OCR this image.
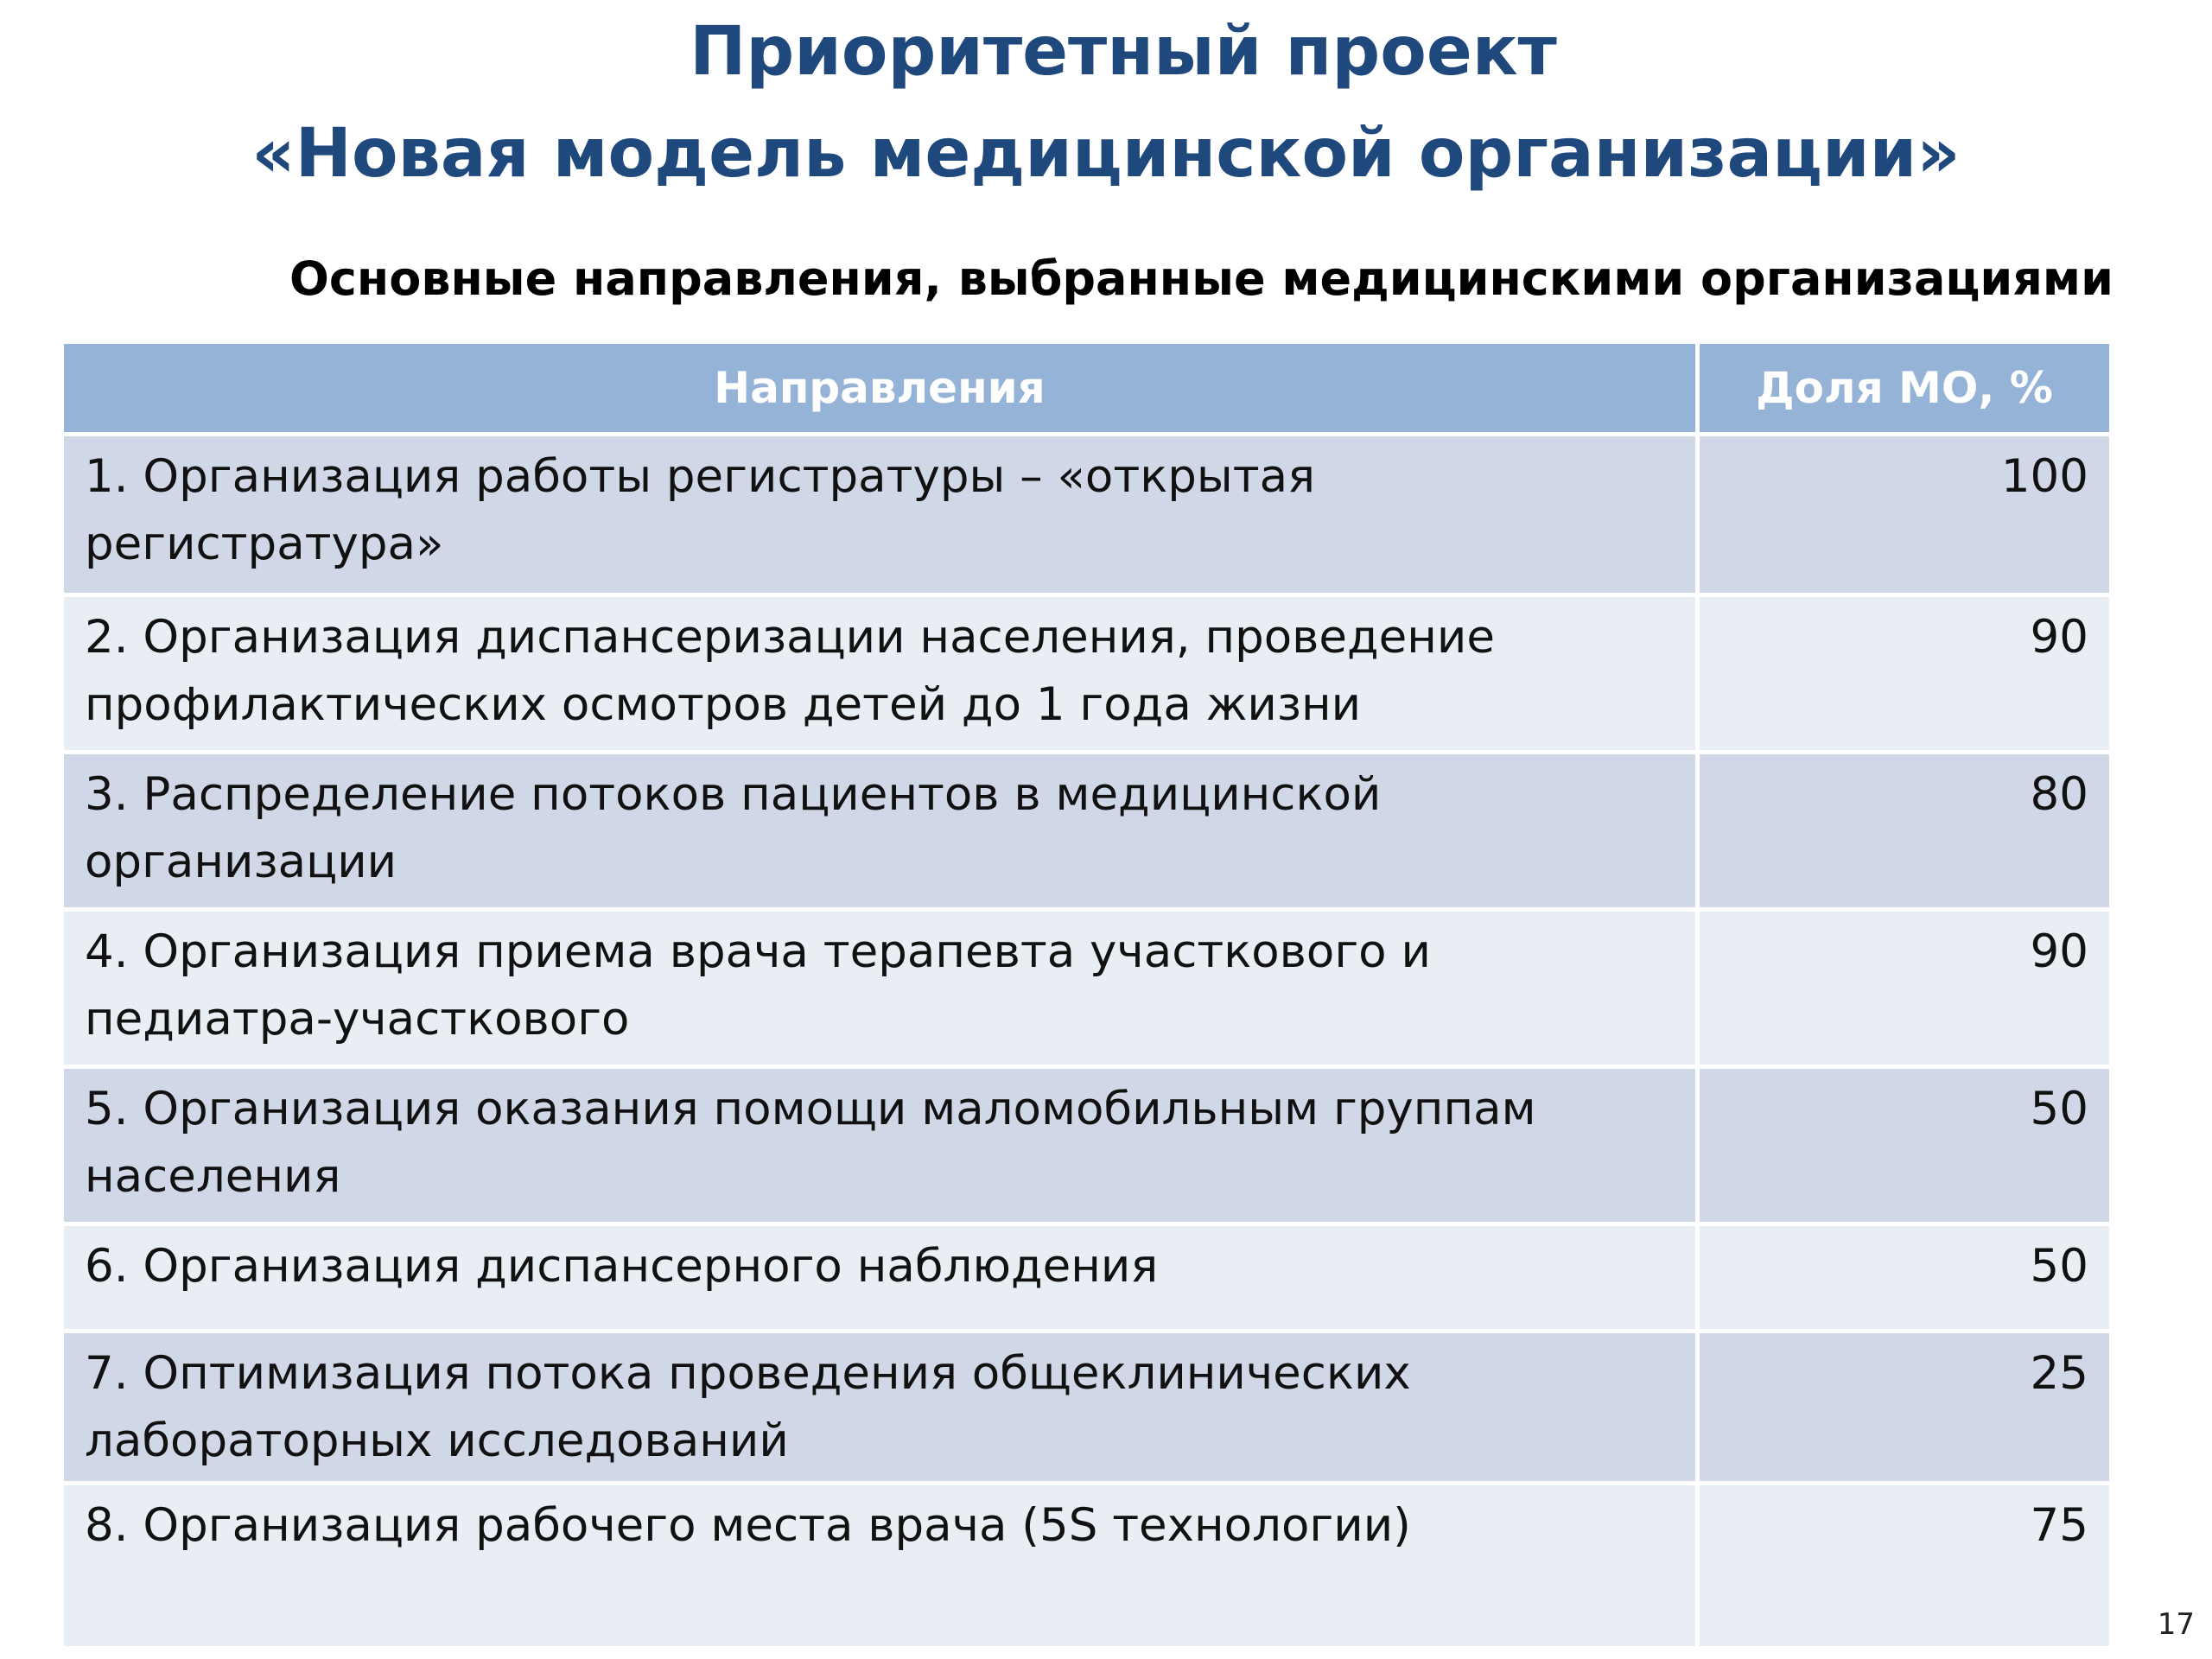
Приоритетный проект
«Новая модель медицинской организации»
Основные направления, выбранные медицинскими организациями
Направления	Доля МО, %
1. Организация работы регистратуры – «открытая регистратура»	100
2. Организация диспансеризации населения, проведение профилактических осмотров детей до 1 года жизни	90
3. Распределение потоков пациентов в медицинской организации	80
4. Организация приема врача терапевта участкового и педиатра-участкового	90
5. Организация оказания помощи маломобильным группам населения	50
6. Организация диспансерного наблюдения	50
7. Оптимизация потока проведения общеклинических лабораторных исследований	25
8. Организация рабочего места врача (5S технологии)	75
17
